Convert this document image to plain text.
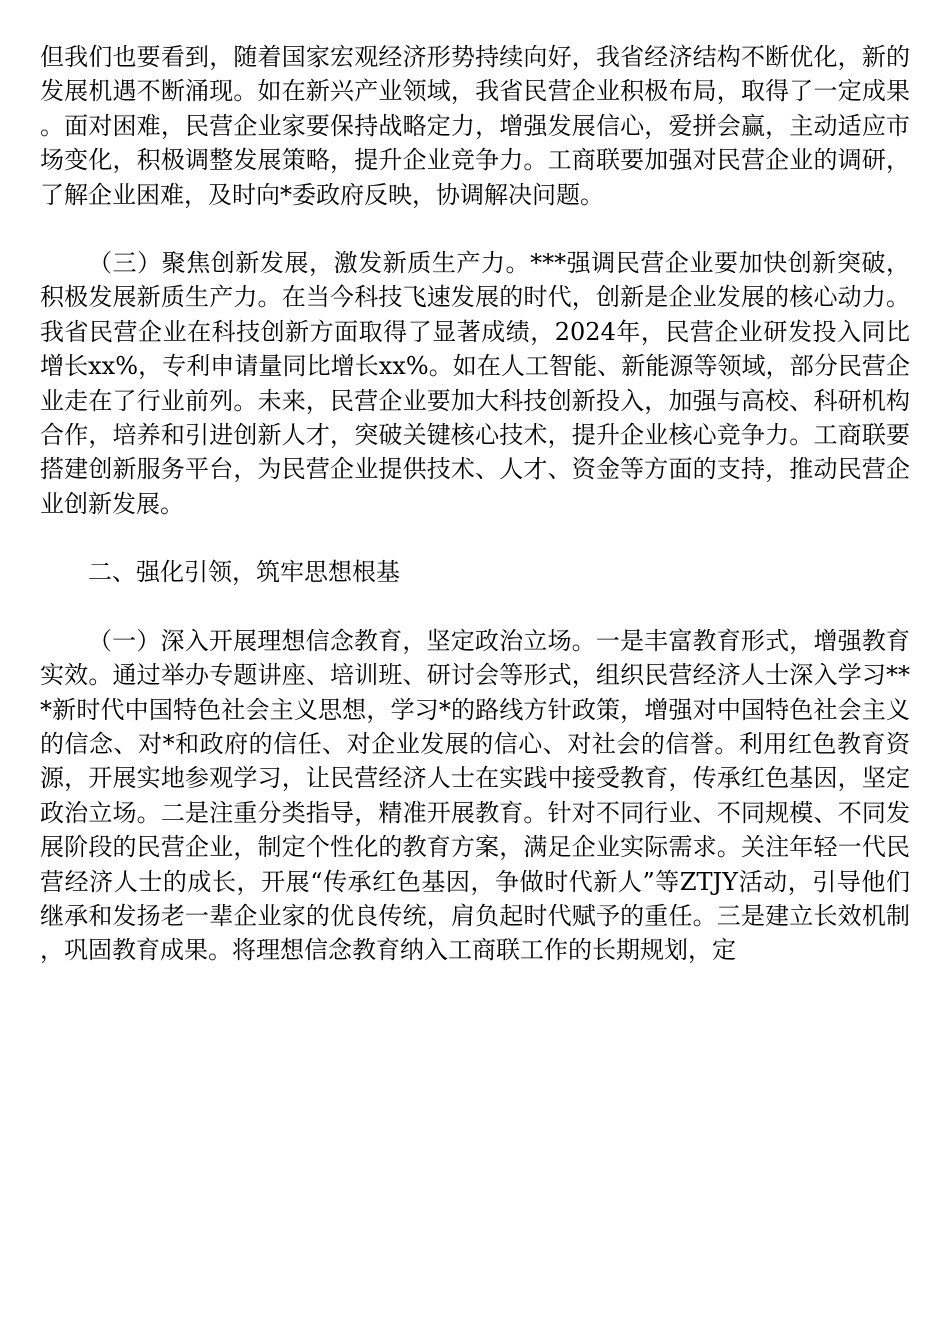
但我们也要看到，随着国家宏观经济形势持续向好，我省经济结构不断优化，新的发展机遇不断涌现。如在新兴产业领域，我省民营企业积极布局，取得了一定成果。面对困难，民营企业家要保持战略定力，增强发展信心，爱拼会赢，主动适应市场变化，积极调整发展策略，提升企业竞争力。工商联要加强对民营企业的调研，了解企业困难，及时向*委政府反映，协调解决问题。

（三）聚焦创新发展，激发新质生产力。***强调民营企业要加快创新突破，积极发展新质生产力。在当今科技飞速发展的时代，创新是企业发展的核心动力。我省民营企业在科技创新方面取得了显著成绩，2024年，民营企业研发投入同比增长xx%，专利申请量同比增长xx%。如在人工智能、新能源等领域，部分民营企业走在了行业前列。未来，民营企业要加大科技创新投入，加强与高校、科研机构合作，培养和引进创新人才，突破关键核心技术，提升企业核心竞争力。工商联要搭建创新服务平台，为民营企业提供技术、人才、资金等方面的支持，推动民营企业创新发展。

二、强化引领，筑牢思想根基

（一）深入开展理想信念教育，坚定政治立场。一是丰富教育形式，增强教育实效。通过举办专题讲座、培训班、研讨会等形式，组织民营经济人士深入学习***新时代中国特色社会主义思想，学习*的路线方针政策，增强对中国特色社会主义的信念、对*和政府的信任、对企业发展的信心、对社会的信誉。利用红色教育资源，开展实地参观学习，让民营经济人士在实践中接受教育，传承红色基因，坚定政治立场。二是注重分类指导，精准开展教育。针对不同行业、不同规模、不同发展阶段的民营企业，制定个性化的教育方案，满足企业实际需求。关注年轻一代民营经济人士的成长，开展“传承红色基因，争做时代新人”等ZTJY活动，引导他们继承和发扬老一辈企业家的优良传统，肩负起时代赋予的重任。三是建立长效机制，巩固教育成果。将理想信念教育纳入工商联工作的长期规划，定
